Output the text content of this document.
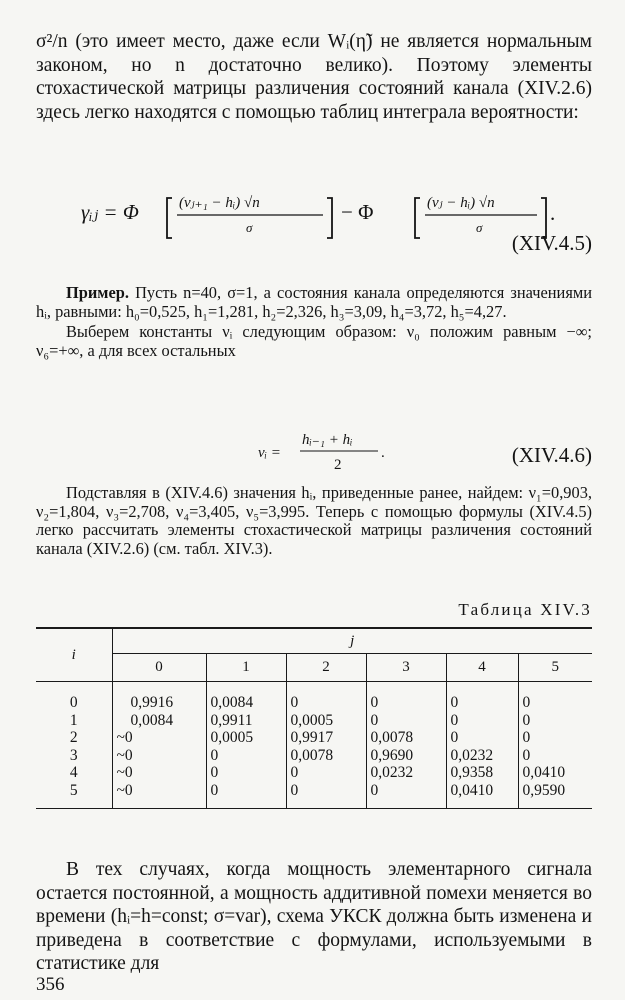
σ²/n (это имеет место, даже если Wᵢ(η̃) не является нормальным законом, но n достаточно велико). Поэтому элементы стохастической матрицы различения состояний канала (XIV.2.6) здесь легко находятся с помощью таблиц интеграла вероятности:

γᵢⱼ = Φ	(νⱼ₊₁ − hᵢ) √n
σ
− Φ	(νⱼ − hᵢ) √n
σ
.
(XIV.4.5)

Пример. Пусть n=40, σ=1, а состояния канала определяются значениями hᵢ, равными: h₀=0,525, h₁=1,281, h₂=2,326, h₃=3,09, h₄=3,72, h₅=4,27.

Выберем константы νᵢ следующим образом: ν₀ положим равным −∞; ν₆=+∞, а для всех остальных

νᵢ =
hᵢ₋₁ + hᵢ
2
.	(XIV.4.6)

Подставляя в (XIV.4.6) значения hᵢ, приведенные ранее, найдем: ν₁=0,903, ν₂=1,804, ν₃=2,708, ν₄=3,405, ν₅=3,995. Теперь с помощью формулы (XIV.4.5) легко рассчитать элементы стохастической матрицы различения состояний канала (XIV.2.6) (см. табл. XIV.3).

Таблица XIV.3
i	j					
	0	1	2	3	4	5

0	0,9916	0,0084	0	0	0	0
1	0,0084	0,9911	0,0005	0	0	0
2	~0	0,0005	0,9917	0,0078	0	0
3	~0	0	0,0078	0,9690	0,0232	0
4	~0	0	0	0,0232	0,9358	0,0410
5	~0	0	0	0	0,0410	0,9590

В тех случаях, когда мощность элементарного сигнала остается постоянной, а мощность аддитивной помехи меняется во времени (hᵢ=h=const; σ=var), схема УКСК должна быть изменена и приведена в соответствие с формулами, используемыми в статистике для

356
